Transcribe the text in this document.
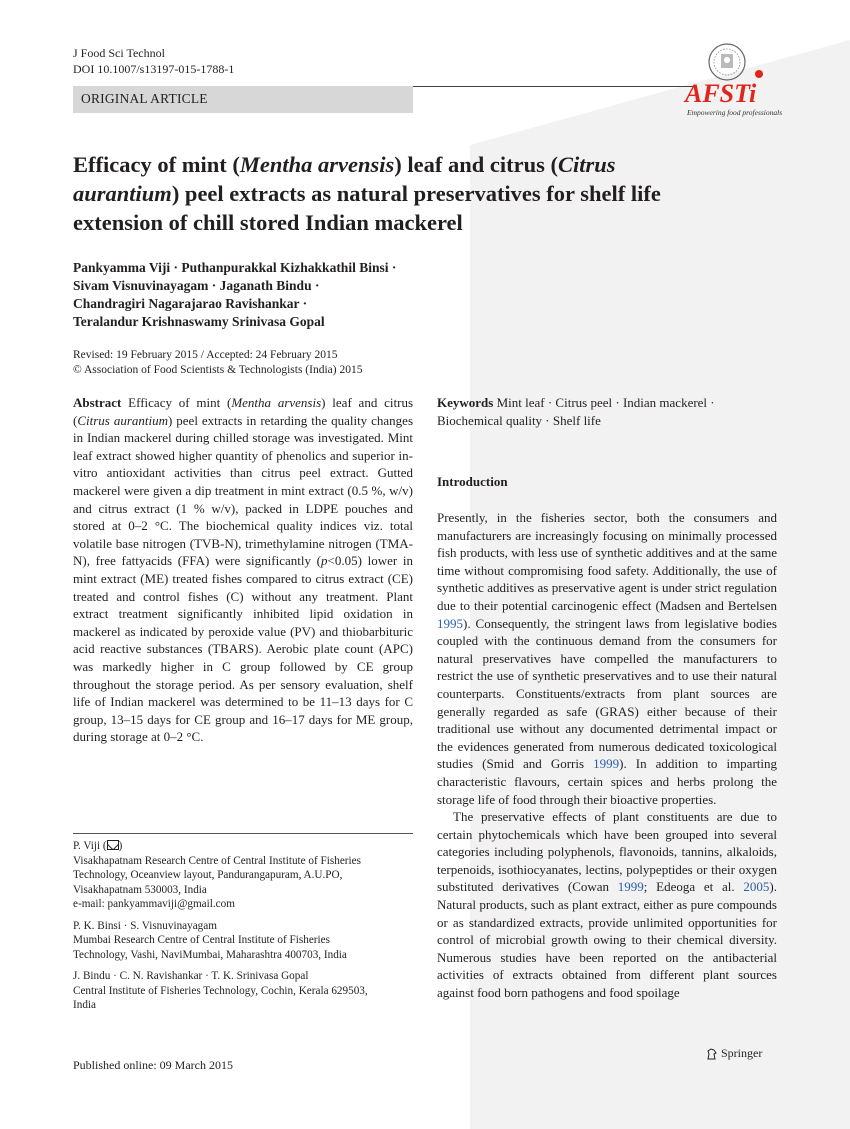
J Food Sci Technol
DOI 10.1007/s13197-015-1788-1
ORIGINAL ARTICLE	AFSTi
Empowering food professionals
Efficacy of mint (Mentha arvensis) leaf and citrus (Citrus aurantium) peel extracts as natural preservatives for shelf life extension of chill stored Indian mackerel
Pankyamma Viji · Puthanpurakkal Kizhakkathil Binsi ·
Sivam Visnuvinayagam · Jaganath Bindu ·
Chandragiri Nagarajarao Ravishankar ·
Teralandur Krishnaswamy Srinivasa Gopal
Revised: 19 February 2015 / Accepted: 24 February 2015
© Association of Food Scientists & Technologists (India) 2015
Abstract Efficacy of mint (Mentha arvensis) leaf and citrus (Citrus aurantium) peel extracts in retarding the quality changes in Indian mackerel during chilled storage was investigated. Mint leaf extract showed higher quantity of phenolics and superior in-vitro antioxidant activities than citrus peel extract. Gutted mackerel were given a dip treatment in mint extract (0.5 %, w/v) and citrus extract (1 % w/v), packed in LDPE pouches and stored at 0–2 °C. The biochemical quality indices viz. total volatile base nitrogen (TVB-N), trimethylamine nitrogen (TMA-N), free fattyacids (FFA) were significantly (p<0.05) lower in mint extract (ME) treated fishes compared to citrus extract (CE) treated and control fishes (C) without any treatment. Plant extract treatment significantly inhibited lipid oxidation in mackerel as indicated by peroxide value (PV) and thiobarbituric acid reactive substances (TBARS). Aerobic plate count (APC) was markedly higher in C group followed by CE group throughout the storage period. As per sensory evaluation, shelf life of Indian mackerel was determined to be 11–13 days for C group, 13–15 days for CE group and 16–17 days for ME group, during storage at 0–2 °C.

P. Viji ( )
Visakhapatnam Research Centre of Central Institute of Fisheries
Technology, Oceanview layout, Pandurangapuram, A.U.PO,
Visakhapatnam 530003, India
e-mail: pankyammaviji@gmail.com

P. K. Binsi · S. Visnuvinayagam
Mumbai Research Centre of Central Institute of Fisheries
Technology, Vashi, NaviMumbai, Maharashtra 400703, India

J. Bindu · C. N. Ravishankar · T. K. Srinivasa Gopal
Central Institute of Fisheries Technology, Cochin, Kerala 629503,
India

Published online: 09 March 2015
Keywords Mint leaf · Citrus peel · Indian mackerel · Biochemical quality · Shelf life
Introduction

Presently, in the fisheries sector, both the consumers and manufacturers are increasingly focusing on minimally processed fish products, with less use of synthetic additives and at the same time without compromising food safety. Additionally, the use of synthetic additives as preservative agent is under strict regulation due to their potential carcinogenic effect (Madsen and Bertelsen 1995). Consequently, the stringent laws from legislative bodies coupled with the continuous demand from the consumers for natural preservatives have compelled the manufacturers to restrict the use of synthetic preservatives and to use their natural counterparts. Constituents/extracts from plant sources are generally regarded as safe (GRAS) either because of their traditional use without any documented detrimental impact or the evidences generated from numerous dedicated toxicological studies (Smid and Gorris 1999). In addition to imparting characteristic flavours, certain spices and herbs prolong the storage life of food through their bioactive properties.

The preservative effects of plant constituents are due to certain phytochemicals which have been grouped into several categories including polyphenols, flavonoids, tannins, alkaloids, terpenoids, isothiocyanates, lectins, polypeptides or their oxygen substituted derivatives (Cowan 1999; Edeoga et al. 2005). Natural products, such as plant extract, either as pure compounds or as standardized extracts, provide unlimited opportunities for control of microbial growth owing to their chemical diversity. Numerous studies have been reported on the antibacterial activities of extracts obtained from different plant sources against food born pathogens and food spoilage

Springer
